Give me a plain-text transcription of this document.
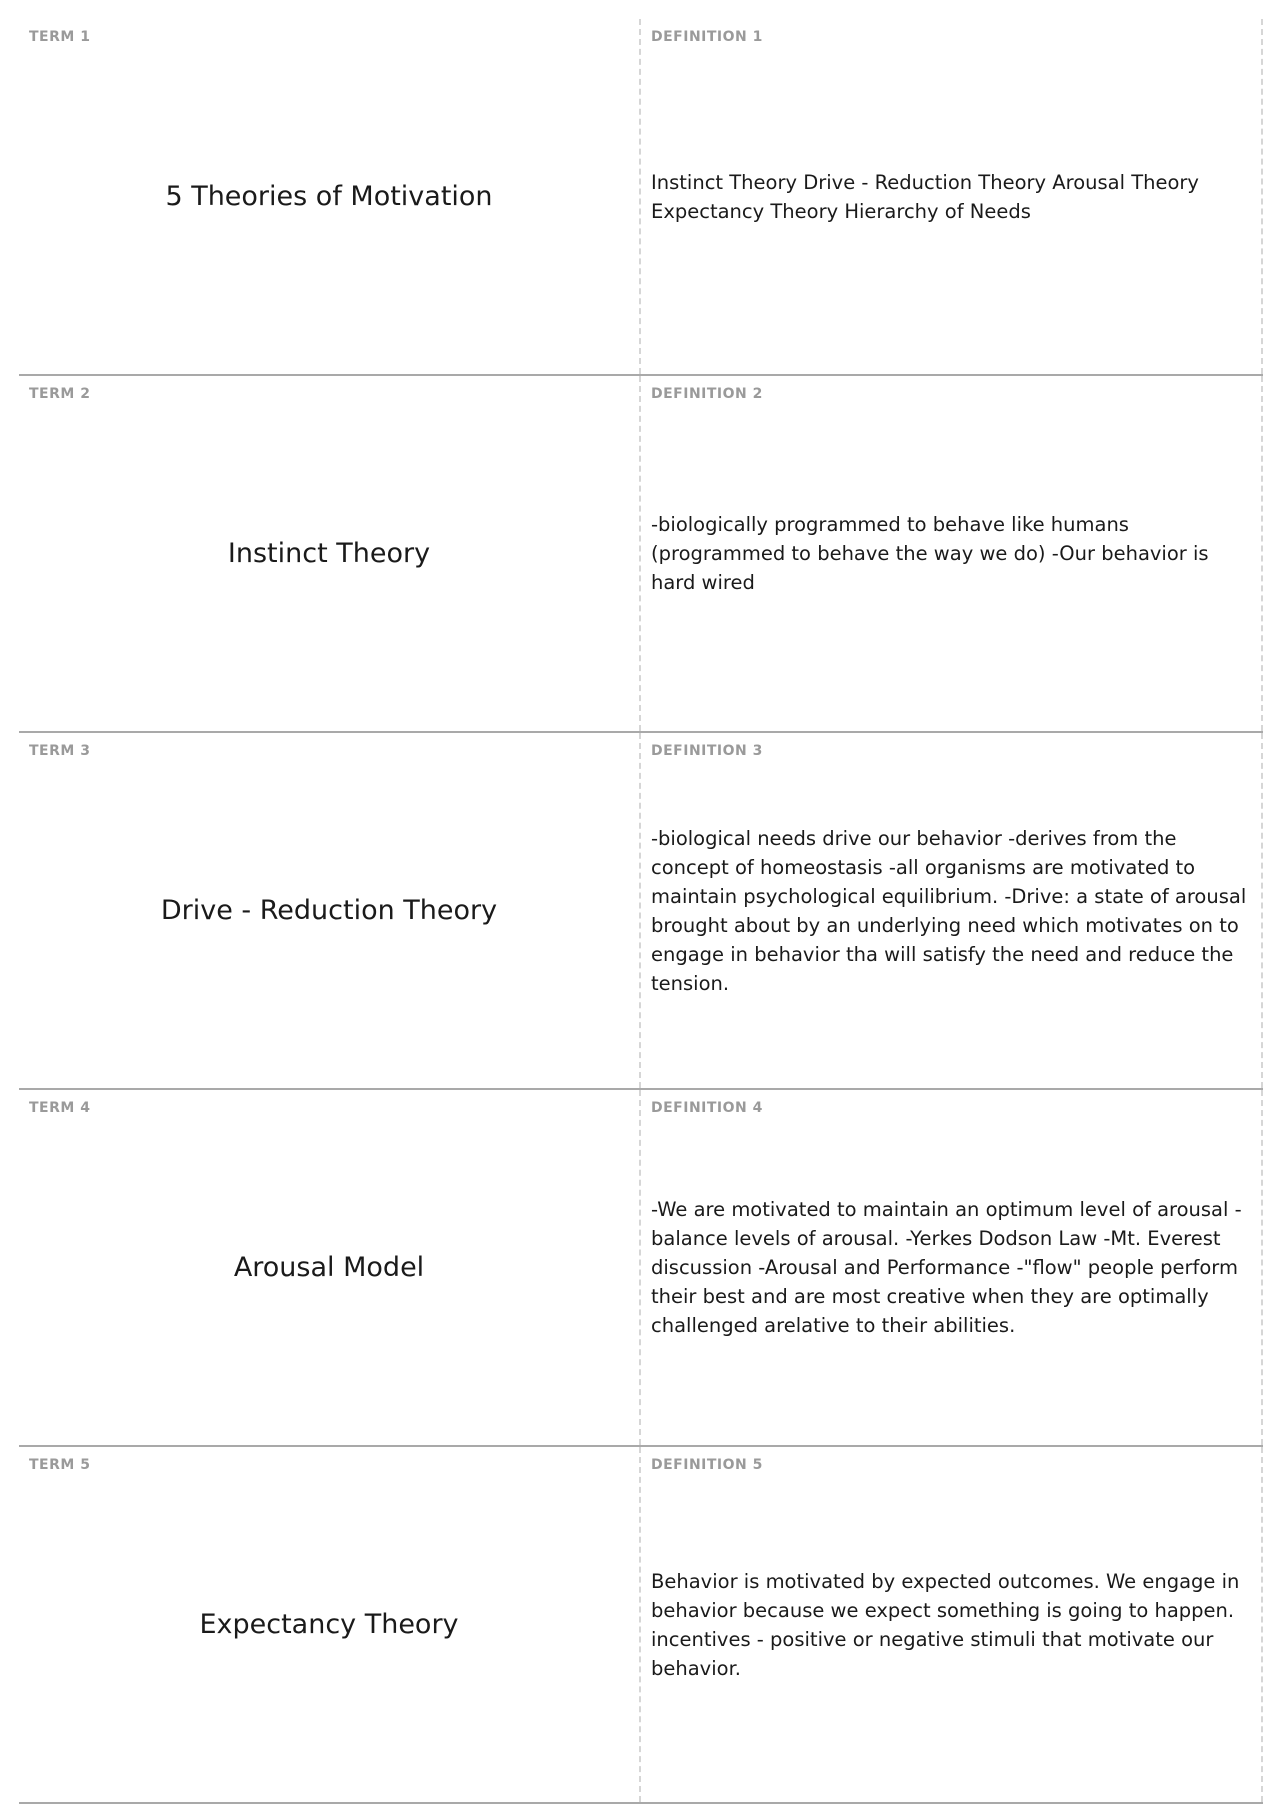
TERM 1
5 Theories of Motivation
DEFINITION 1
Instinct Theory Drive - Reduction Theory Arousal Theory Expectancy Theory Hierarchy of Needs
TERM 2
Instinct Theory
DEFINITION 2
-biologically programmed to behave like humans (programmed to behave the way we do) -Our behavior is hard wired
TERM 3
Drive - Reduction Theory
DEFINITION 3
-biological needs drive our behavior -derives from the concept of homeostasis -all organisms are motivated to maintain psychological equilibrium. -Drive: a state of arousal brought about by an underlying need which motivates on to engage in behavior tha will satisfy the need and reduce the tension.
TERM 4
Arousal Model
DEFINITION 4
-We are motivated to maintain an optimum level of arousal -balance levels of arousal. -Yerkes Dodson Law -Mt. Everest discussion -Arousal and Performance -"flow" people perform their best and are most creative when they are optimally challenged arelative to their abilities.
TERM 5
Expectancy Theory
DEFINITION 5
Behavior is motivated by expected outcomes. We engage in behavior because we expect something is going to happen. incentives - positive or negative stimuli that motivate our behavior.
